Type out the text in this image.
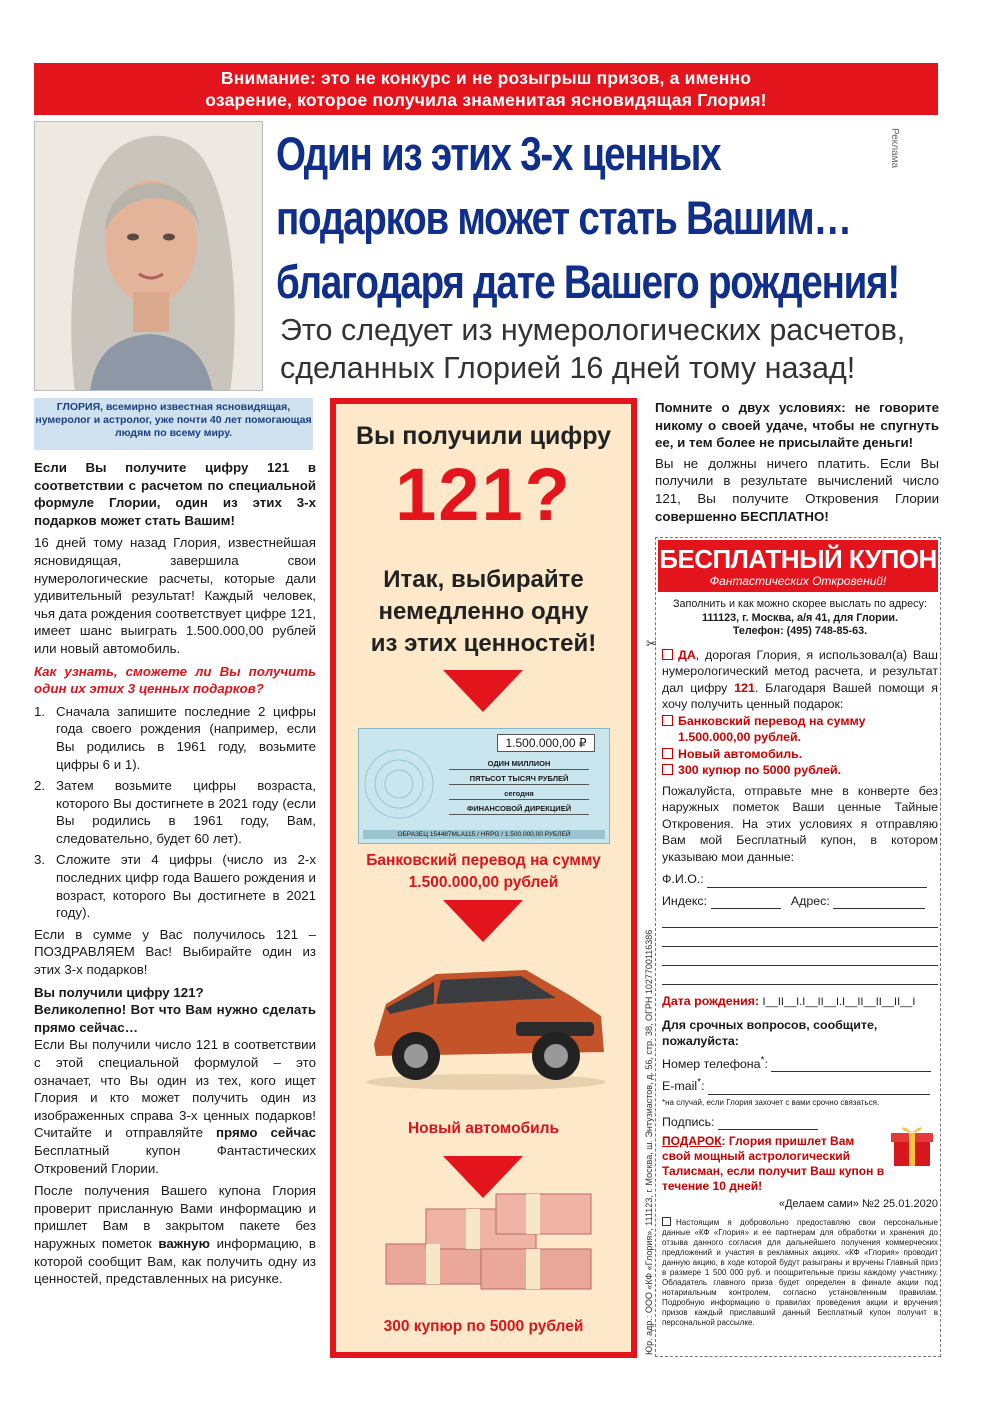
Внимание: это не конкурс и не розыгрыш призов, а именно
озарение, которое получила знаменитая ясновидящая Глория!
ГЛОРИЯ, всемирно известная ясновидящая, нумеролог и астролог, уже почти 40 лет помогающая людям по всему миру.
Один из этих 3-х ценных
подарков может стать Вашим…
благодаря дате Вашего рождения!
Реклама
Это следует из нумерологических расчетов,
сделанных Глорией 16 дней тому назад!

Если Вы получите цифру 121 в соответствии с расчетом по специальной формуле Глории, один из этих 3-х подарков может стать Вашим!

16 дней тому назад Глория, известнейшая ясновидящая, завершила свои нумерологические расчеты, которые дали удивительный результат! Каждый человек, чья дата рождения соответствует цифре 121, имеет шанс выиграть 1.500.000,00 рублей или новый автомобиль.

Как узнать, сможете ли Вы получить один их этих 3 ценных подарков?

1. Сначала запишите последние 2 цифры года своего рождения (например, если Вы родились в 1961 году, возьмите цифры 6 и 1).
2. Затем возьмите цифры возраста, которого Вы достигнете в 2021 году (если Вы родились в 1961 году, Вам, следовательно, будет 60 лет).
3. Сложите эти 4 цифры (число из 2-х последних цифр года Вашего рождения и возраст, которого Вы достигнете в 2021 году).

Если в сумме у Вас получилось 121 – ПОЗДРАВЛЯЕМ Вас! Выбирайте один из этих 3-х подарков!

Вы получили цифру 121?
Великолепно! Вот что Вам нужно сделать прямо сейчас…

Если Вы получили число 121 в соответствии с этой специальной формулой – это означает, что Вы один из тех, кого ищет Глория и кто может получить один из изображенных справа 3-х ценных подарков! Считайте и отправляйте прямо сейчас Бесплатный купон Фантастических Откровений Глории.

После получения Вашего купона Глория проверит присланную Вами информацию и пришлет Вам в закрытом пакете без наружных пометок важную информацию, в которой сообщит Вам, как получить одну из ценностей, представленных на рисунке.

Вы получили цифру
121?
Итак, выбирайте
немедленно одну
из этих ценностей!
1.500.000,00 ₽
ОДИН МИЛЛИОН
ПЯТЬСОТ ТЫСЯЧ РУБЛЕЙ
сегодня
ФИНАНСОВОЙ ДИРЕКЦИЕЙ
ОБРАЗЕЦ 154487MLA115 / НRPG / 1.500.000,00 РУБЛЕЙ
Банковский перевод на сумму
1.500.000,00 рублей
Новый автомобиль
300 купюр по 5000 рублей

Помните о двух условиях: не говорите никому о своей удаче, чтобы не спугнуть ее, и тем более не присылайте деньги!

Вы не должны ничего платить. Если Вы получили в результате вычислений число 121, Вы получите Откровения Глории совершенно БЕСПЛАТНО!

БЕСПЛАТНЫЙ КУПОН
Фантастических Откровений!
Заполнить и как можно скорее выслать по адресу:
111123, г. Москва, а/я 41, для Глории.
Телефон: (495) 748-85-63.
ДА, дорогая Глория, я использовал(а) Ваш нумерологический метод расчета, и результат дал цифру 121. Благодаря Вашей помощи я хочу получить ценный подарок:
Банковский перевод на сумму
1.500.000,00 рублей.
Новый автомобиль.
300 купюр по 5000 рублей.
Пожалуйста, отправьте мне в конверте без наружных пометок Ваши ценные Тайные Откровения. На этих условиях я отправляю Вам мой Бесплатный купон, в котором указываю мои данные:
Ф.И.О.:
Индекс:	Адрес:
Дата рождения: I__II__I.I__II__I.I__II__II__II__I
Для срочных вопросов, сообщите, пожалуйста:
Номер телефона*:
E-mail*:
*на случай, если Глория захочет с вами срочно связаться.
Подпись:
ПОДАРОК: Глория пришлет Вам свой мощный астрологический Талисман, если получит Ваш купон в течение 10 дней!
«Делаем сами» №2 25.01.2020
Настоящим я добровольно предоставляю свои персональные данные «КФ «Глория» и ее партнерам для обработки и хранения до отзыва данного согласия для дальнейшего получения коммерческих предложений и участия в рекламных акциях. «КФ «Глория» проводит данную акцию, в ходе которой будут разыграны и вручены Главный приз в размере 1 500 000 руб. и поощрительные призы каждому участнику. Обладатель главного приза будет определен в финале акции под нотариальным контролем, согласно установленным правилам. Подробную информацию о правилах проведения акции и вручения призов каждый приславший данный Бесплатный купон получит в персональной рассылке.
✂
Юр. адр.: ООО «КФ «Глория», 111123, г. Москва, ш. Энтузиастов, д. 56, стр. 38, ОГРН 1027700116386
